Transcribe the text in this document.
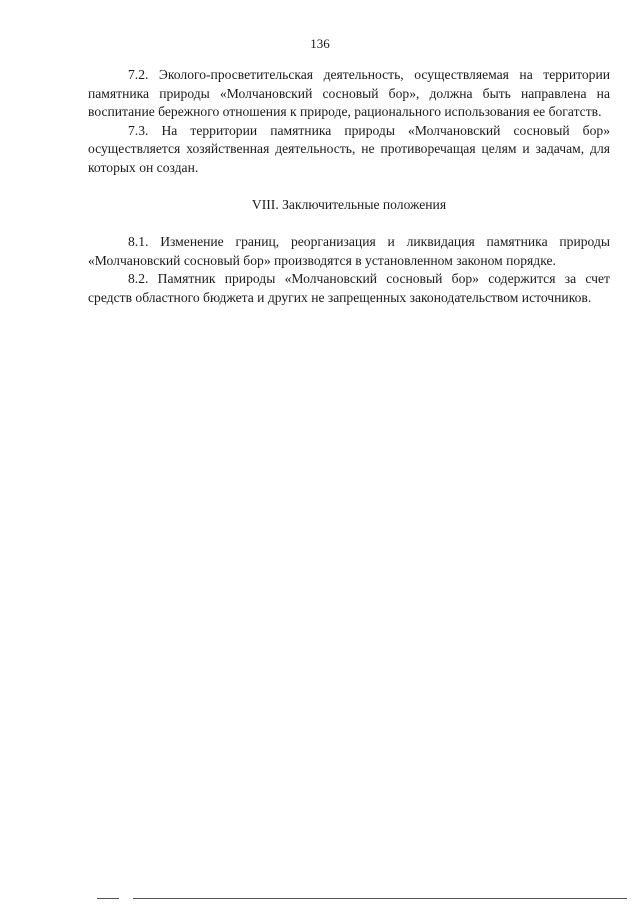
136

7.2. Эколого-просветительская деятельность, осуществляемая на территории памятника природы «Молчановский сосновый бор», должна быть направлена на воспитание бережного отношения к природе, рационального использования ее богатств.

7.3. На территории памятника природы «Молчановский сосновый бор» осуществляется хозяйственная деятельность, не противоречащая целям и задачам, для которых он создан.

VIII. Заключительные положения

8.1. Изменение границ, реорганизация и ликвидация памятника природы «Молчановский сосновый бор» производятся в установленном законом порядке.

8.2. Памятник природы «Молчановский сосновый бор» содержится за счет средств областного бюджета и других не запрещенных законодательством источников.
